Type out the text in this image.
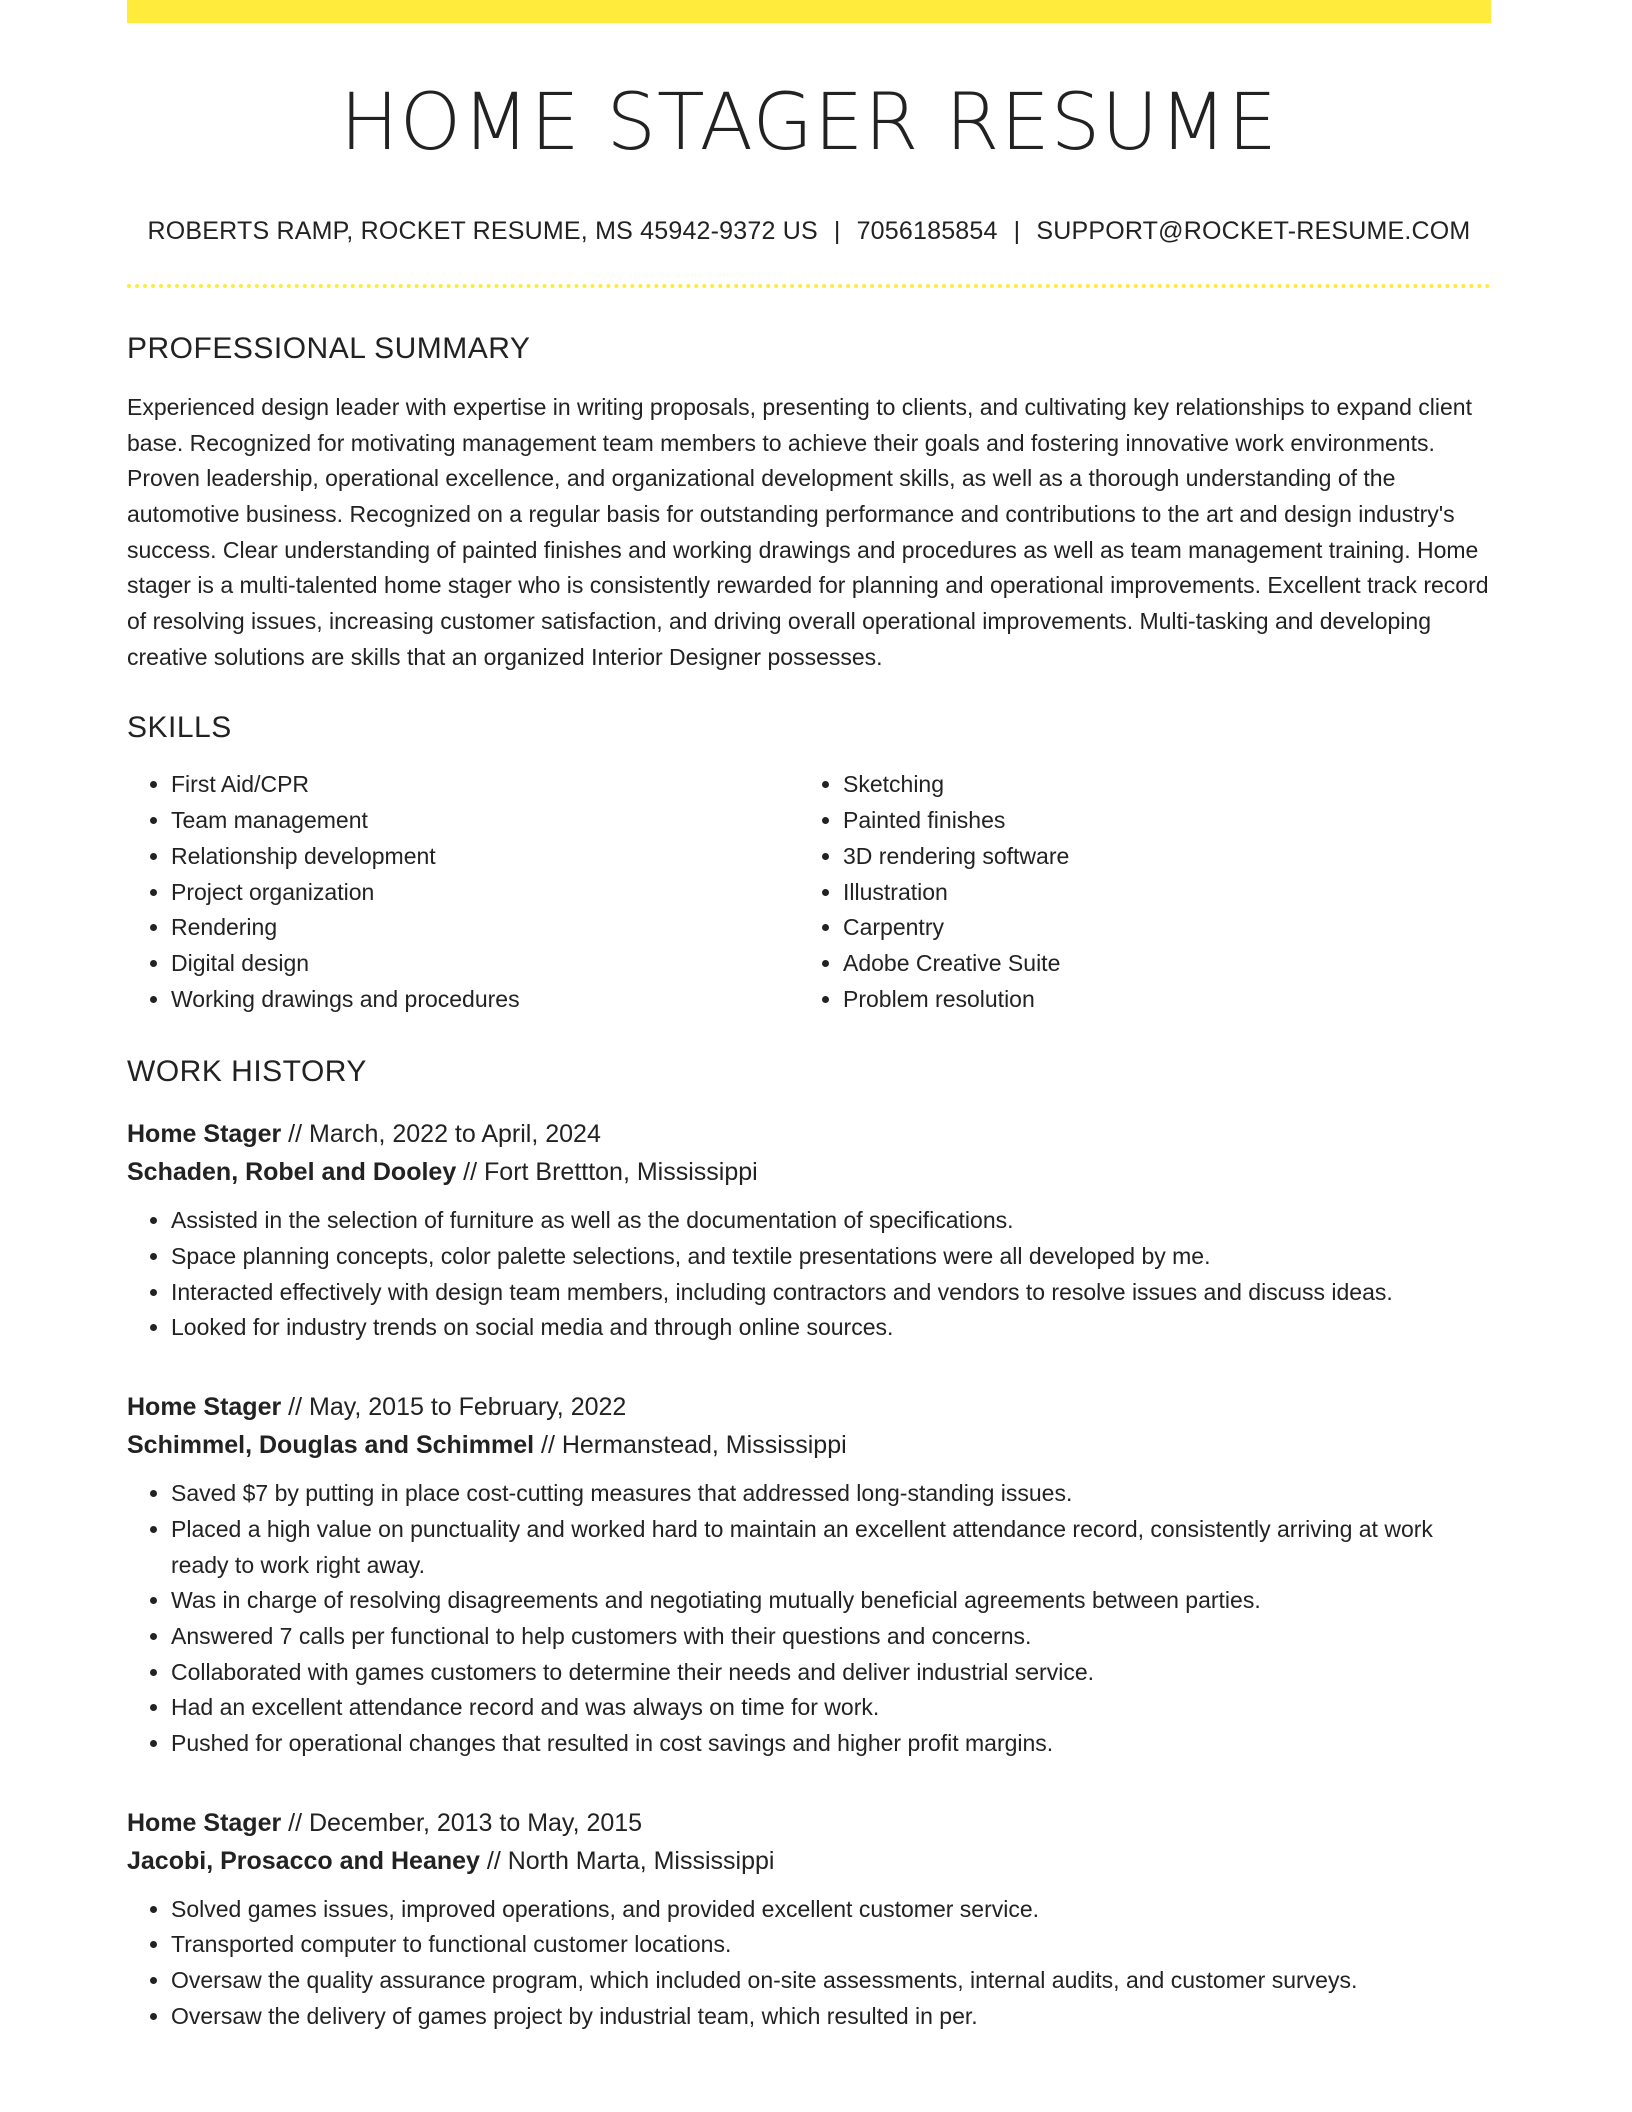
HOME STAGER RESUME
ROBERTS RAMP, ROCKET RESUME, MS 45942-9372 US | 7056185854 | SUPPORT@ROCKET-RESUME.COM
PROFESSIONAL SUMMARY
Experienced design leader with expertise in writing proposals, presenting to clients, and cultivating key relationships to expand client base. Recognized for motivating management team members to achieve their goals and fostering innovative work environments. Proven leadership, operational excellence, and organizational development skills, as well as a thorough understanding of the automotive business. Recognized on a regular basis for outstanding performance and contributions to the art and design industry's success. Clear understanding of painted finishes and working drawings and procedures as well as team management training. Home stager is a multi-talented home stager who is consistently rewarded for planning and operational improvements. Excellent track record of resolving issues, increasing customer satisfaction, and driving overall operational improvements. Multi-tasking and developing creative solutions are skills that an organized Interior Designer possesses.
SKILLS
• First Aid/CPR
• Team management
• Relationship development
• Project organization
• Rendering
• Digital design
• Working drawings and procedures
• Sketching
• Painted finishes
• 3D rendering software
• Illustration
• Carpentry
• Adobe Creative Suite
• Problem resolution
WORK HISTORY
Home Stager // March, 2022 to April, 2024
Schaden, Robel and Dooley // Fort Brettton, Mississippi
• Assisted in the selection of furniture as well as the documentation of specifications.
• Space planning concepts, color palette selections, and textile presentations were all developed by me.
• Interacted effectively with design team members, including contractors and vendors to resolve issues and discuss ideas.
• Looked for industry trends on social media and through online sources.
Home Stager // May, 2015 to February, 2022
Schimmel, Douglas and Schimmel // Hermanstead, Mississippi
• Saved $7 by putting in place cost-cutting measures that addressed long-standing issues.
• Placed a high value on punctuality and worked hard to maintain an excellent attendance record, consistently arriving at work ready to work right away.
• Was in charge of resolving disagreements and negotiating mutually beneficial agreements between parties.
• Answered 7 calls per functional to help customers with their questions and concerns.
• Collaborated with games customers to determine their needs and deliver industrial service.
• Had an excellent attendance record and was always on time for work.
• Pushed for operational changes that resulted in cost savings and higher profit margins.
Home Stager // December, 2013 to May, 2015
Jacobi, Prosacco and Heaney // North Marta, Mississippi
• Solved games issues, improved operations, and provided excellent customer service.
• Transported computer to functional customer locations.
• Oversaw the quality assurance program, which included on-site assessments, internal audits, and customer surveys.
• Oversaw the delivery of games project by industrial team, which resulted in per.
